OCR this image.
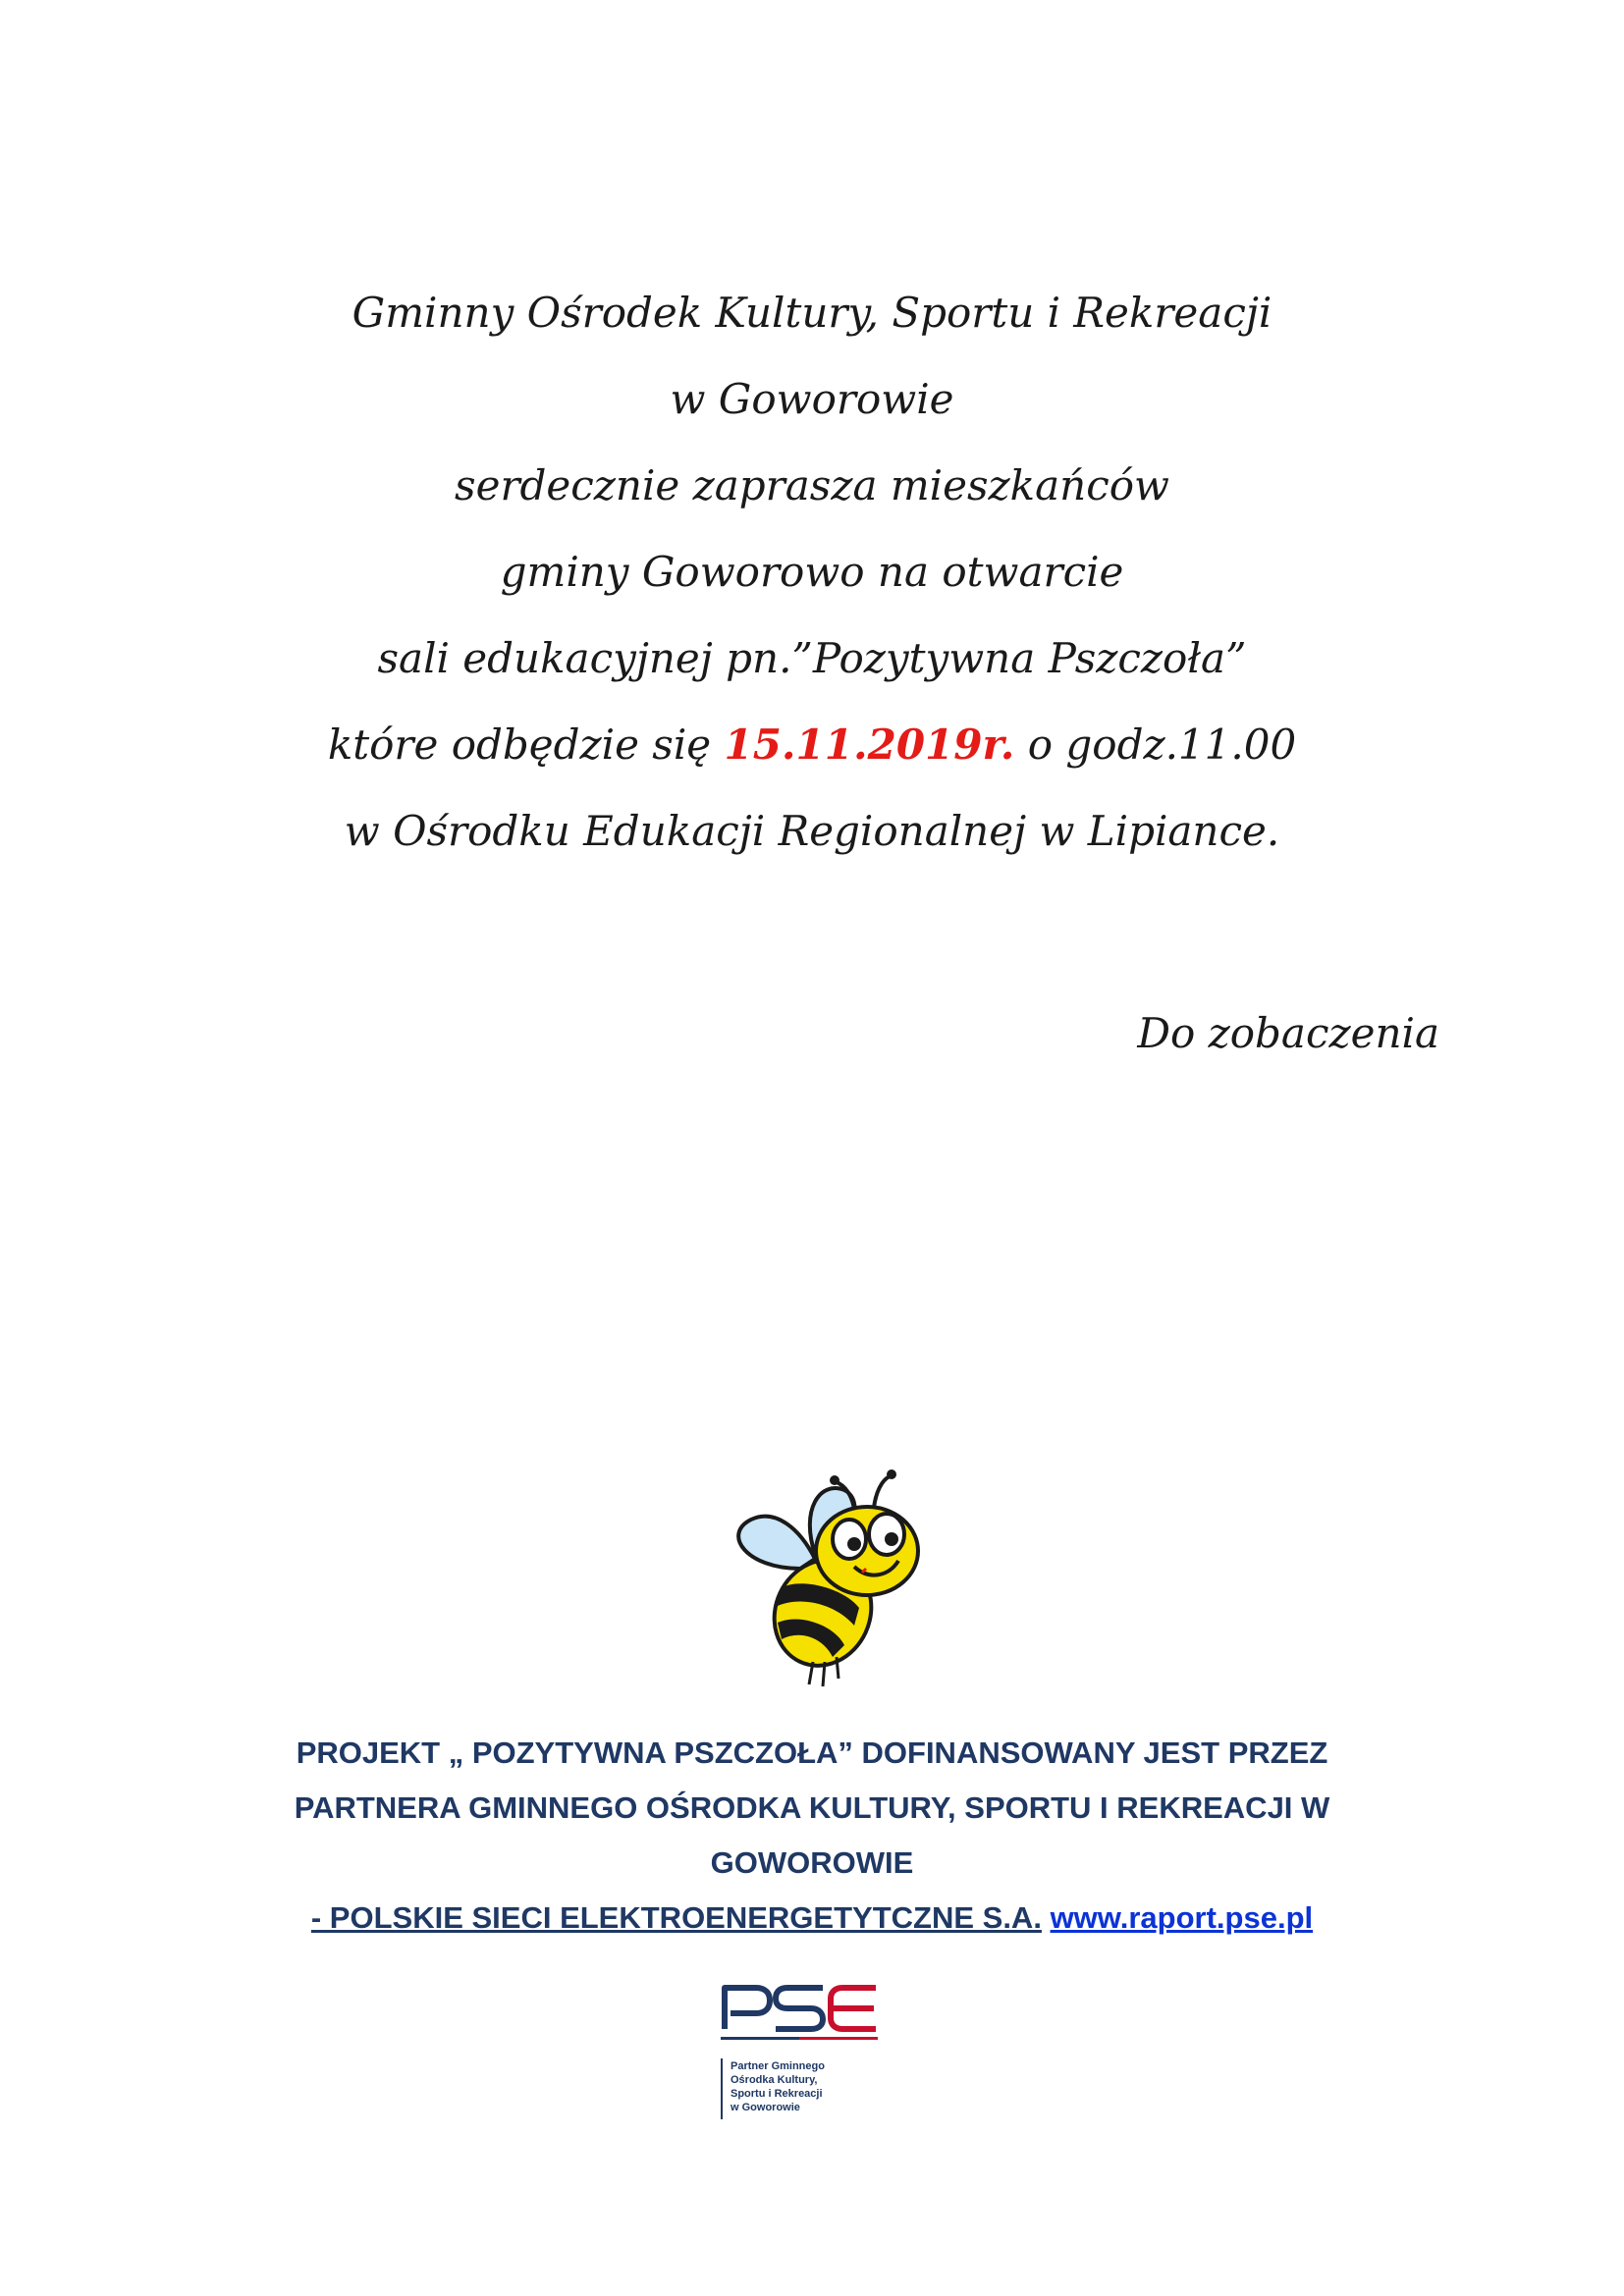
Gminny Ośrodek Kultury, Sportu i Rekreacji
w Goworowie
serdecznie zaprasza mieszkańców
gminy Goworowo na otwarcie
sali edukacyjnej pn.”Pozytywna Pszczoła”
które odbędzie się 15.11.2019r. o godz.11.00
w Ośrodku Edukacji Regionalnej w Lipiance.
Do zobaczenia
PROJEKT „ POZYTYWNA PSZCZOŁA” DOFINANSOWANY JEST PRZEZ
PARTNERA GMINNEGO OŚRODKA KULTURY, SPORTU I REKREACJI W
GOWOROWIE
- POLSKIE SIECI ELEKTROENERGETYTCZNE S.A. www.raport.pse.pl
Partner Gminnego
Ośrodka Kultury,
Sportu i Rekreacji
w Goworowie
